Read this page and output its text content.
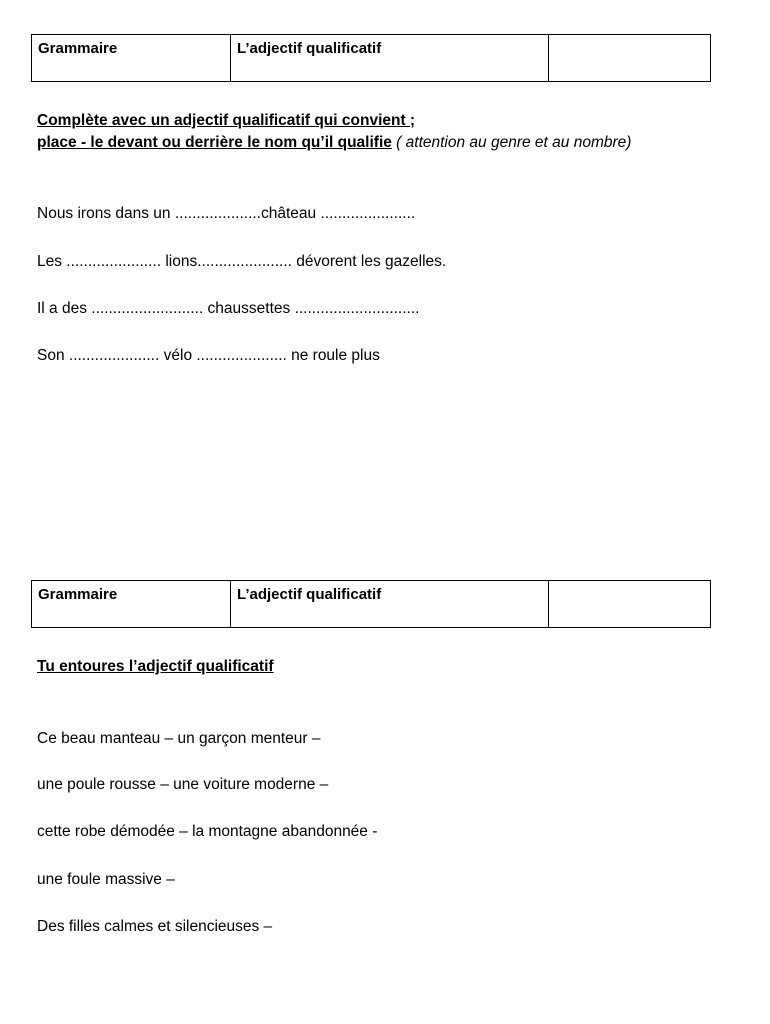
Grammaire	L’adjectif qualificatif
Complète avec un adjectif qualificatif qui convient ;
place - le devant ou derrière le nom qu’il qualifie ( attention au genre et au nombre)
Nous irons dans un ....................château ......................
Les ...................... lions...................... dévorent les gazelles.
Il a des .......................... chaussettes .............................
Son ..................... vélo ..................... ne roule plus
Grammaire	L’adjectif qualificatif
Tu entoures l’adjectif qualificatif
Ce beau manteau – un garçon menteur –
une poule rousse – une voiture moderne –
cette robe démodée – la montagne abandonnée -
une foule massive –
Des filles calmes et silencieuses –
